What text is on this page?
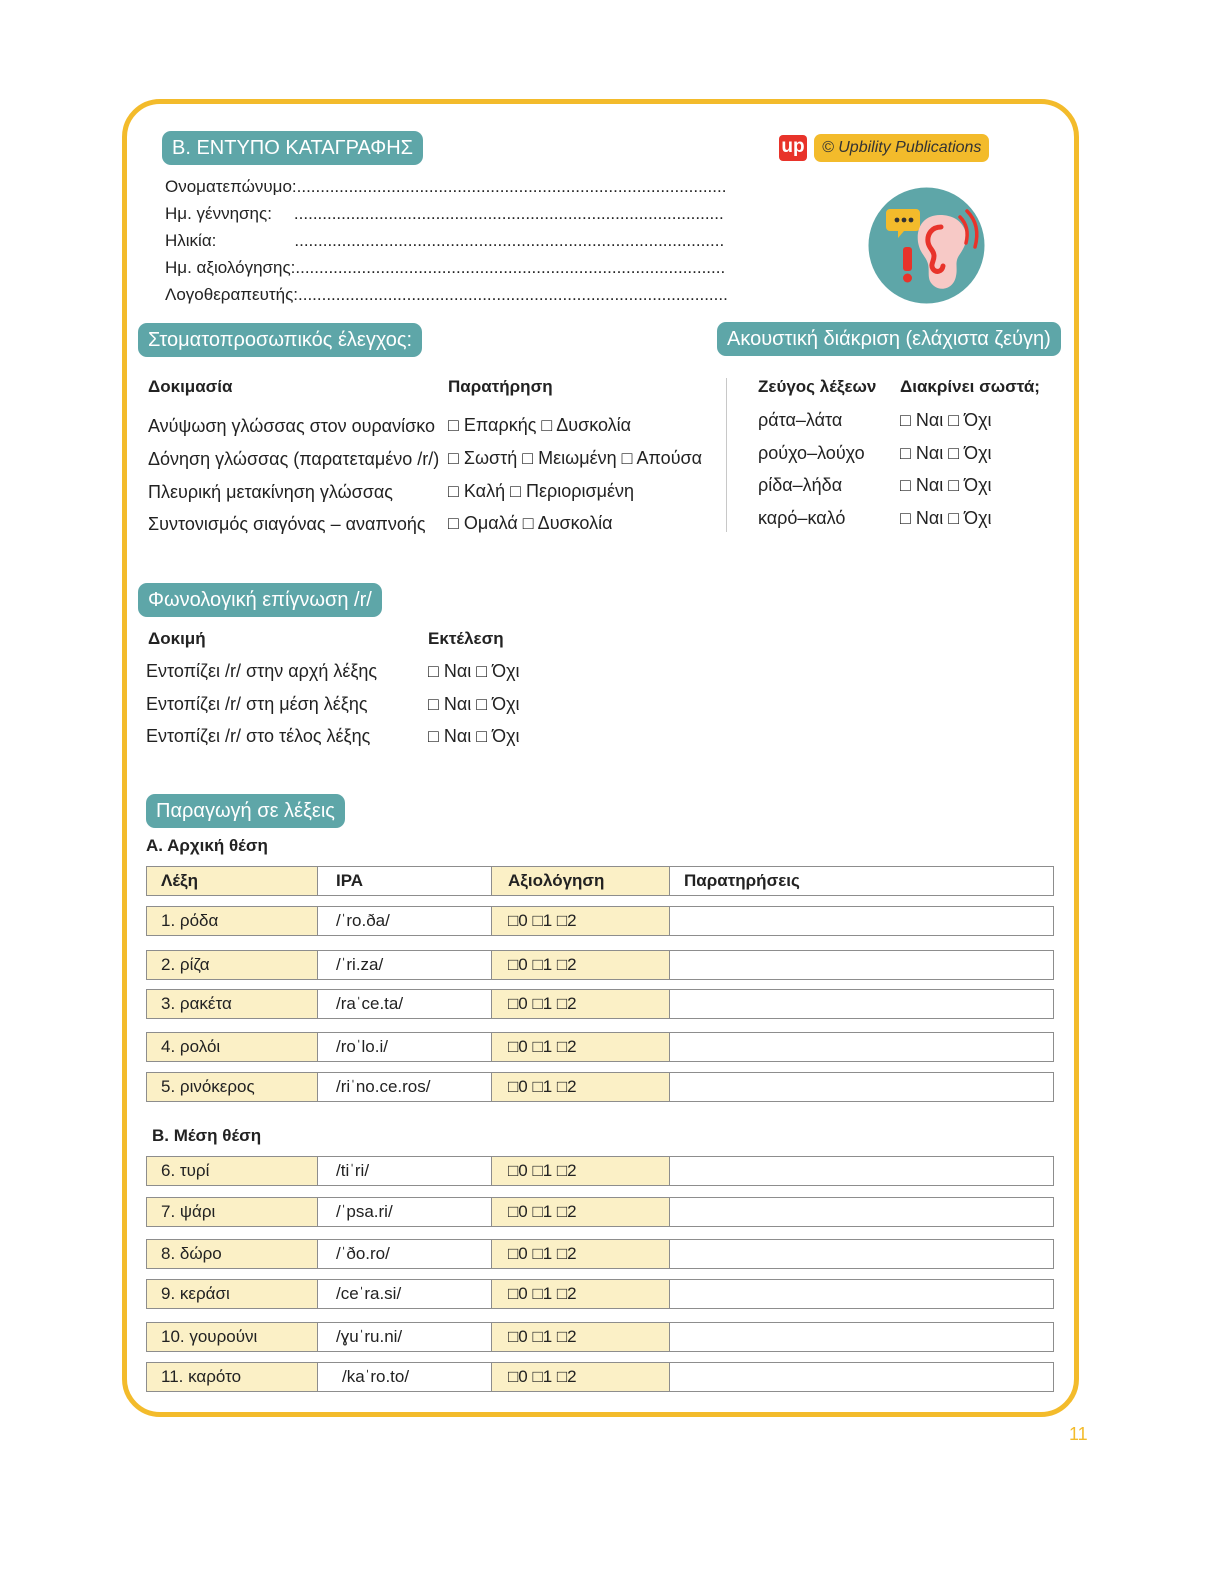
Β. ΕΝΤΥΠΟ ΚΑΤΑΓΡΑΦΗΣ	up	© Upbility Publications
Ονοματεπώνυμο:...........................................................................................
Ημ. γέννησης: ...........................................................................................
Ηλικία:	...........................................................................................
Ημ. αξιολόγησης:...........................................................................................
Λογοθεραπευτής:...........................................................................................
Στοματοπροσωπικός έλεγχος:
Δοκιμασία	Παρατήρηση
Ανύψωση γλώσσας στον ουρανίσκο □ Επαρκής □ Δυσκολία
Δόνηση γλώσσας (παρατεταμένο /r/) □ Σωστή □ Μειωμένη □ Απούσα
Πλευρική μετακίνηση γλώσσας	□ Καλή □ Περιορισμένη
Συντονισμός σιαγόνας – αναπνοής □ Ομαλά □ Δυσκολία
Ακουστική διάκριση (ελάχιστα ζεύγη)
Ζεύγος λέξεων Διακρίνει σωστά;
ράτα–λάτα	□ Ναι □ Όχι
ρούχο–λούχο □ Ναι □ Όχι
ρίδα–λήδα	□ Ναι □ Όχι
καρό–καλό	□ Ναι □ Όχι
Φωνολογική επίγνωση /r/
Δοκιμή	Εκτέλεση
Εντοπίζει /r/ στην αρχή λέξης	□ Ναι □ Όχι
Εντοπίζει /r/ στη μέση λέξης	□ Ναι □ Όχι
Εντοπίζει /r/ στο τέλος λέξης	□ Ναι □ Όχι
Παραγωγή σε λέξεις
Α. Αρχική θέση
Λέξη	IPA	Αξιολόγηση	Παρατηρήσεις
1. ρόδα	/ˈro.ða/	□0 □1 □2
2. ρίζα	/ˈri.za/	□0 □1 □2
3. ρακέτα	/raˈce.ta/	□0 □1 □2
4. ρολόι	/roˈlo.i/	□0 □1 □2
5. ρινόκερος	/riˈno.ce.ros/	□0 □1 □2
Β. Μέση θέση
6. τυρί	/tiˈri/	□0 □1 □2
7. ψάρι	/ˈpsa.ri/	□0 □1 □2
8. δώρο	/ˈðo.ro/	□0 □1 □2
9. κεράσι	/ceˈra.si/	□0 □1 □2
10. γουρούνι	/ɣuˈru.ni/	□0 □1 □2
11. καρότο	/kaˈro.to/	□0 □1 □2
11
